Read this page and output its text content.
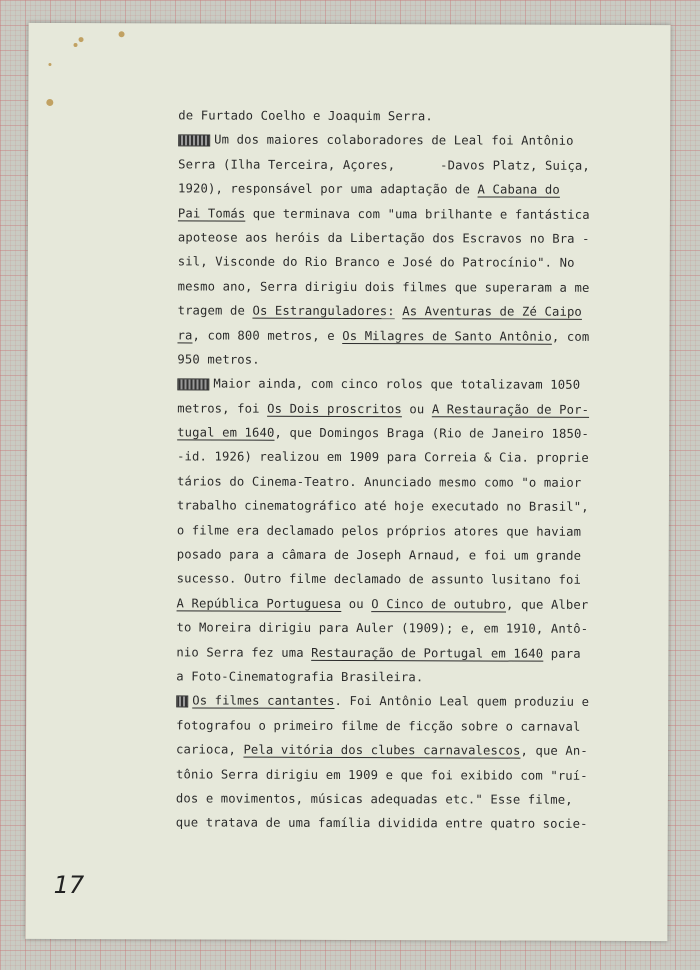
de Furtado Coelho e Joaquim Serra.
Um dos maiores colaboradores de Leal foi Antônio
Serra (Ilha Terceira, Açores,      -Davos Platz, Suiça,
1920), responsável por uma adaptação de A Cabana do
Pai Tomás que terminava com "uma brilhante e fantástica
apoteose aos heróis da Libertação dos Escravos no Bra -
sil, Visconde do Rio Branco e José do Patrocínio". No
mesmo ano, Serra dirigiu dois filmes que superaram a me
tragem de Os Estranguladores: As Aventuras de Zé Caipo
ra, com 800 metros, e Os Milagres de Santo Antônio, com
950 metros.
Maior ainda, com cinco rolos que totalizavam 1050
metros, foi Os Dois proscritos ou A Restauração de Por-
tugal em 1640, que Domingos Braga (Rio de Janeiro 1850-
-id. 1926) realizou em 1909 para Correia & Cia. proprie
tários do Cinema-Teatro. Anunciado mesmo como "o maior
trabalho cinematográfico até hoje executado no Brasil",
o filme era declamado pelos próprios atores que haviam
posado para a câmara de Joseph Arnaud, e foi um grande
sucesso. Outro filme declamado de assunto lusitano foi
A República Portuguesa ou O Cinco de outubro, que Alber
to Moreira dirigiu para Auler (1909); e, em 1910, Antô-
nio Serra fez uma Restauração de Portugal em 1640 para
a Foto-Cinematografia Brasileira.
Os filmes cantantes. Foi Antônio Leal quem produziu e
fotografou o primeiro filme de ficção sobre o carnaval
carioca, Pela vitória dos clubes carnavalescos, que An-
tônio Serra dirigiu em 1909 e que foi exibido com "ruí-
dos e movimentos, músicas adequadas etc." Esse filme,
que tratava de uma família dividida entre quatro socie-
17
